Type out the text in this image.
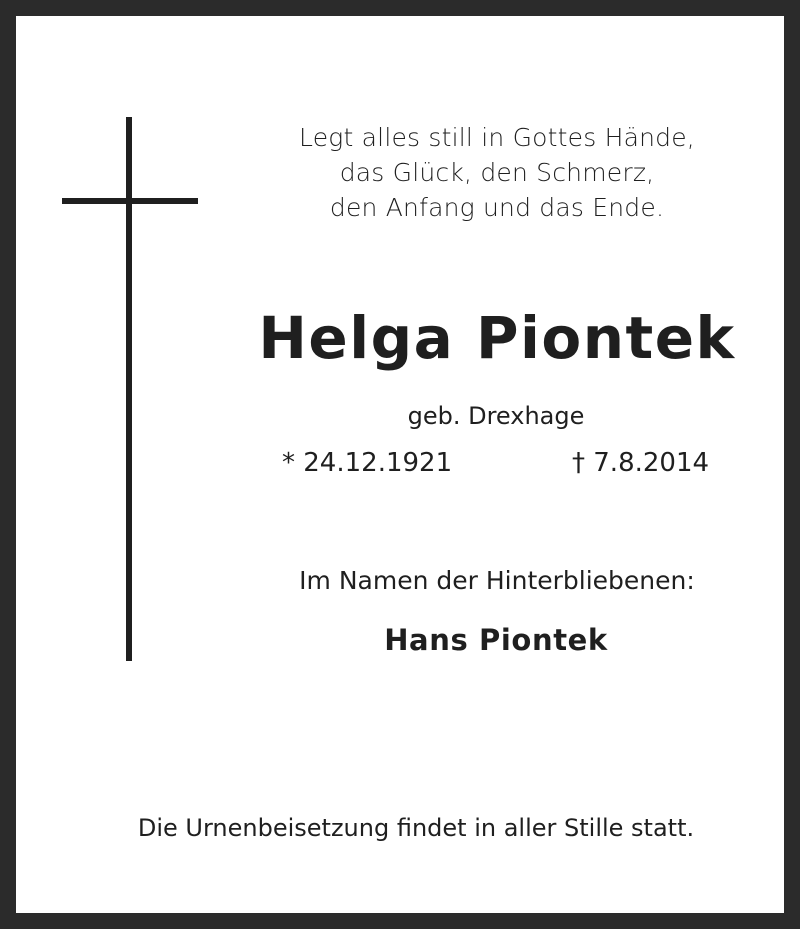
Legt alles still in Gottes Hände,
das Glück, den Schmerz,
den Anfang und das Ende.
Helga Piontek
geb. Drexhage
* 24.12.1921	† 7.8.2014
Im Namen der Hinterbliebenen:
Hans Piontek
Die Urnenbeisetzung findet in aller Stille statt.
